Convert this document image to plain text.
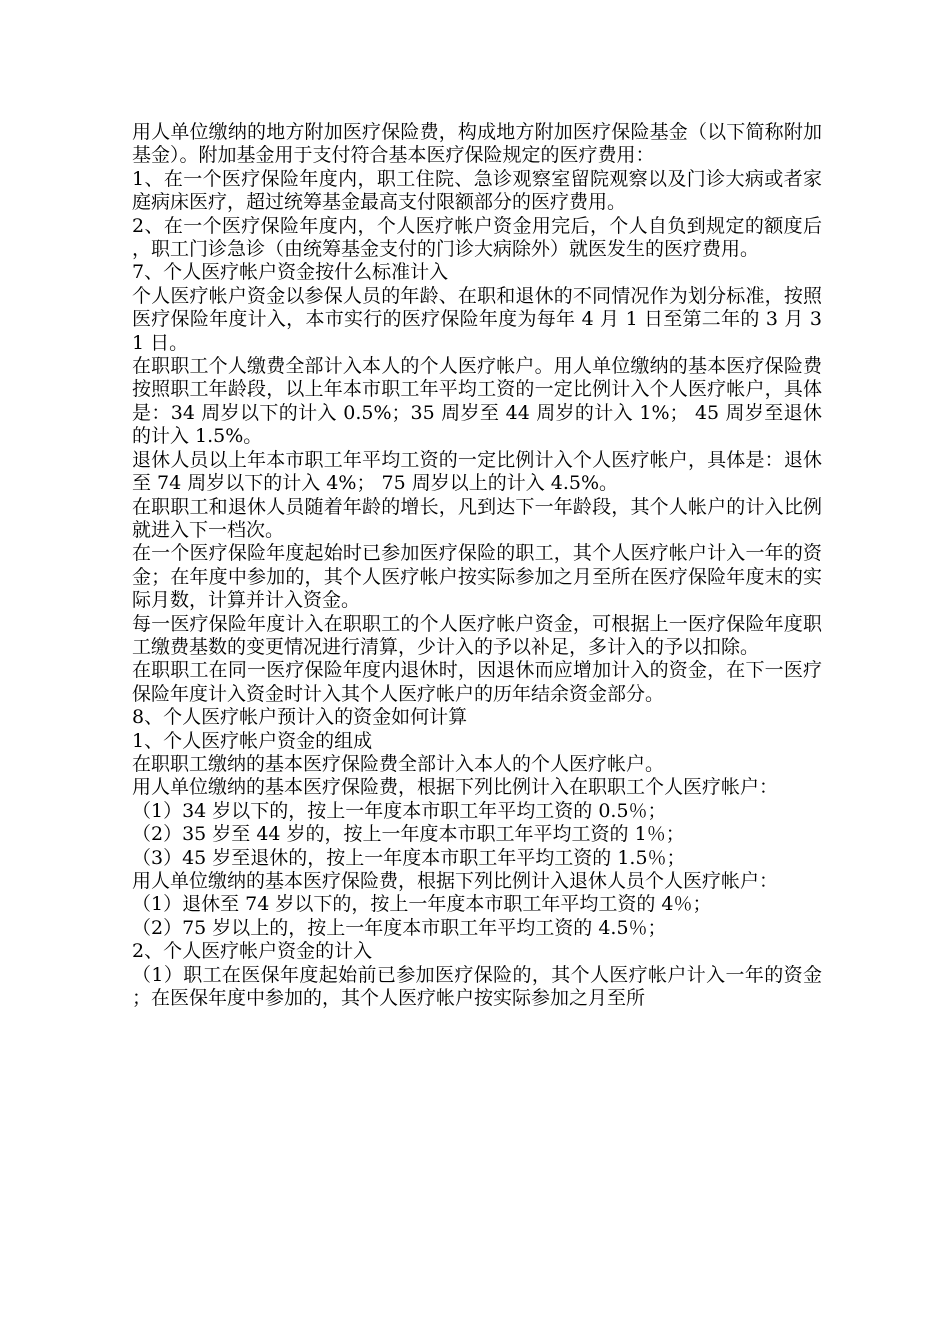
用人单位缴纳的地方附加医疗保险费，构成地方附加医疗保险基金（以下简称附加基金）。附加基金用于支付符合基本医疗保险规定的医疗费用：

1、在一个医疗保险年度内，职工住院、急诊观察室留院观察以及门诊大病或者家庭病床医疗，超过统筹基金最高支付限额部分的医疗费用。

2、在一个医疗保险年度内，个人医疗帐户资金用完后，个人自负到规定的额度后，职工门诊急诊（由统筹基金支付的门诊大病除外）就医发生的医疗费用。

7、个人医疗帐户资金按什么标准计入

个人医疗帐户资金以参保人员的年龄、在职和退休的不同情况作为划分标准，按照医疗保险年度计入，本市实行的医疗保险年度为每年 4 月 1 日至第二年的 3 月 31 日。

在职职工个人缴费全部计入本人的个人医疗帐户。用人单位缴纳的基本医疗保险费按照职工年龄段，以上年本市职工年平均工资的一定比例计入个人医疗帐户，具体是：34 周岁以下的计入 0.5%；35 周岁至 44 周岁的计入 1%； 45 周岁至退休的计入 1.5%。

退休人员以上年本市职工年平均工资的一定比例计入个人医疗帐户，具体是：退休至 74 周岁以下的计入 4%； 75 周岁以上的计入 4.5%。

在职职工和退休人员随着年龄的增长，凡到达下一年龄段，其个人帐户的计入比例就进入下一档次。

在一个医疗保险年度起始时已参加医疗保险的职工，其个人医疗帐户计入一年的资金；在年度中参加的，其个人医疗帐户按实际参加之月至所在医疗保险年度末的实际月数，计算并计入资金。

每一医疗保险年度计入在职职工的个人医疗帐户资金，可根据上一医疗保险年度职工缴费基数的变更情况进行清算，少计入的予以补足，多计入的予以扣除。

在职职工在同一医疗保险年度内退休时，因退休而应增加计入的资金，在下一医疗保险年度计入资金时计入其个人医疗帐户的历年结余资金部分。

8、个人医疗帐户预计入的资金如何计算

1、个人医疗帐户资金的组成

在职职工缴纳的基本医疗保险费全部计入本人的个人医疗帐户。

用人单位缴纳的基本医疗保险费，根据下列比例计入在职职工个人医疗帐户：

（1）34 岁以下的，按上一年度本市职工年平均工资的 0.5％；

（2）35 岁至 44 岁的，按上一年度本市职工年平均工资的 1％；

（3）45 岁至退休的，按上一年度本市职工年平均工资的 1.5％；

用人单位缴纳的基本医疗保险费，根据下列比例计入退休人员个人医疗帐户：

（1）退休至 74 岁以下的，按上一年度本市职工年平均工资的 4％；

（2）75 岁以上的，按上一年度本市职工年平均工资的 4.5％；

2、个人医疗帐户资金的计入

（1）职工在医保年度起始前已参加医疗保险的，其个人医疗帐户计入一年的资金；在医保年度中参加的，其个人医疗帐户按实际参加之月至所
